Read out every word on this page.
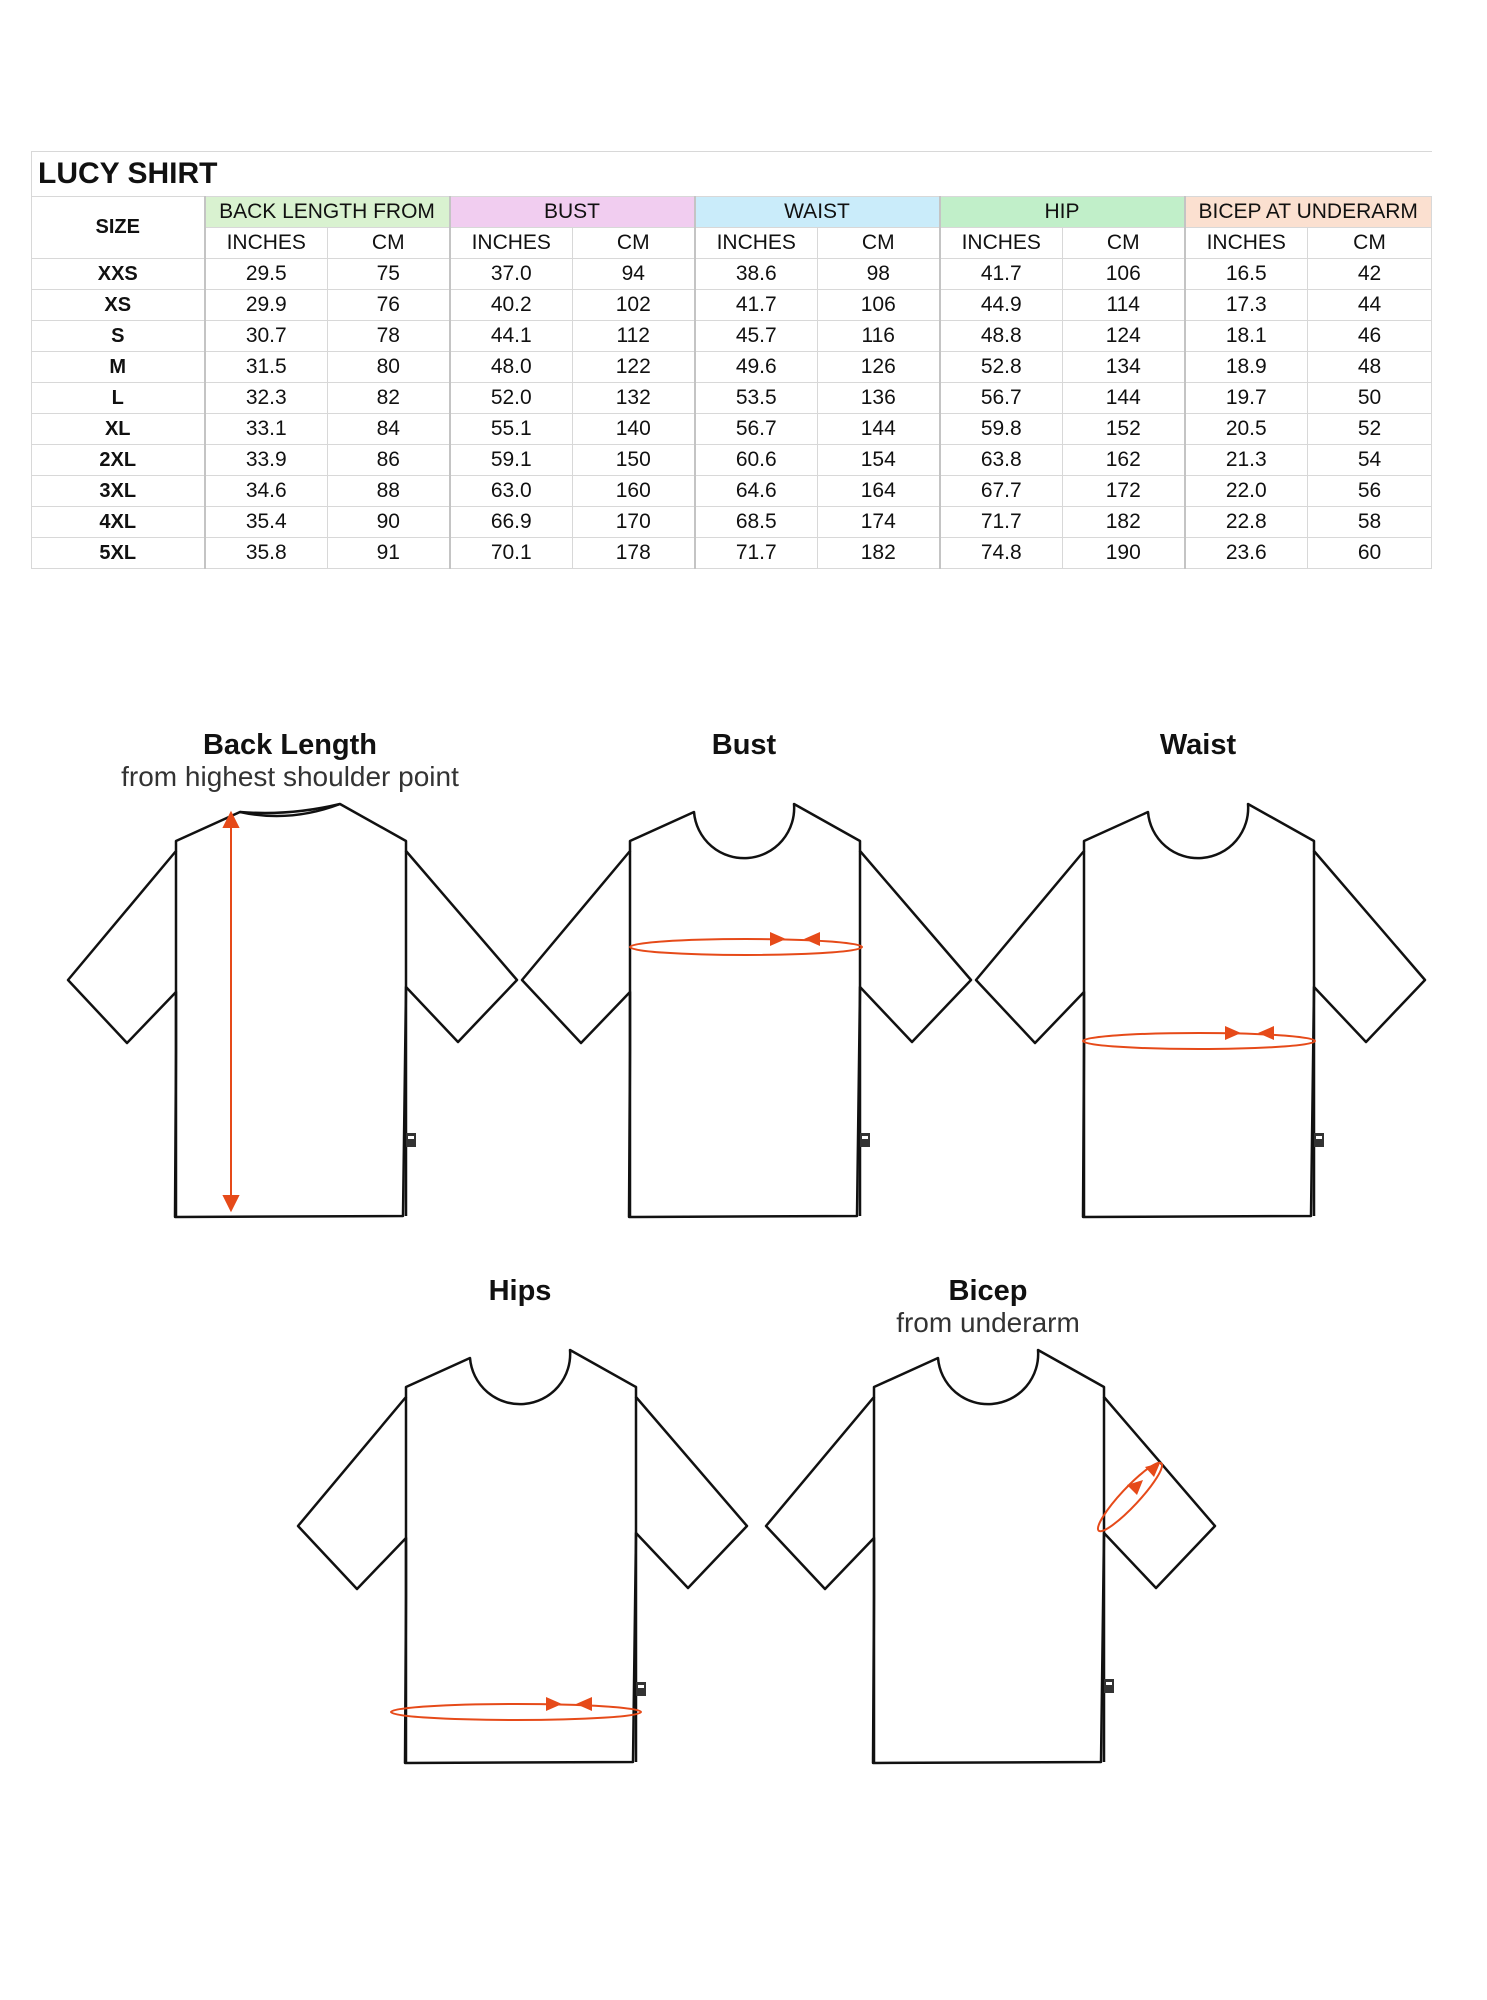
LUCY SHIRT										
SIZE	BACK LENGTH FROM		BUST		WAIST		HIP		BICEP AT UNDERARM	
	INCHES	CM	INCHES	CM	INCHES	CM	INCHES	CM	INCHES	CM
XXS	29.5	75	37.0	94	38.6	98	41.7	106	16.5	42
XS	29.9	76	40.2	102	41.7	106	44.9	114	17.3	44
S	30.7	78	44.1	112	45.7	116	48.8	124	18.1	46
M	31.5	80	48.0	122	49.6	126	52.8	134	18.9	48
L	32.3	82	52.0	132	53.5	136	56.7	144	19.7	50
XL	33.1	84	55.1	140	56.7	144	59.8	152	20.5	52
2XL	33.9	86	59.1	150	60.6	154	63.8	162	21.3	54
3XL	34.6	88	63.0	160	64.6	164	67.7	172	22.0	56
4XL	35.4	90	66.9	170	68.5	174	71.7	182	22.8	58
5XL	35.8	91	70.1	178	71.7	182	74.8	190	23.6	60
Back Length
from highest shoulder point
Bust	Waist
Hips	Bicep
from underarm
